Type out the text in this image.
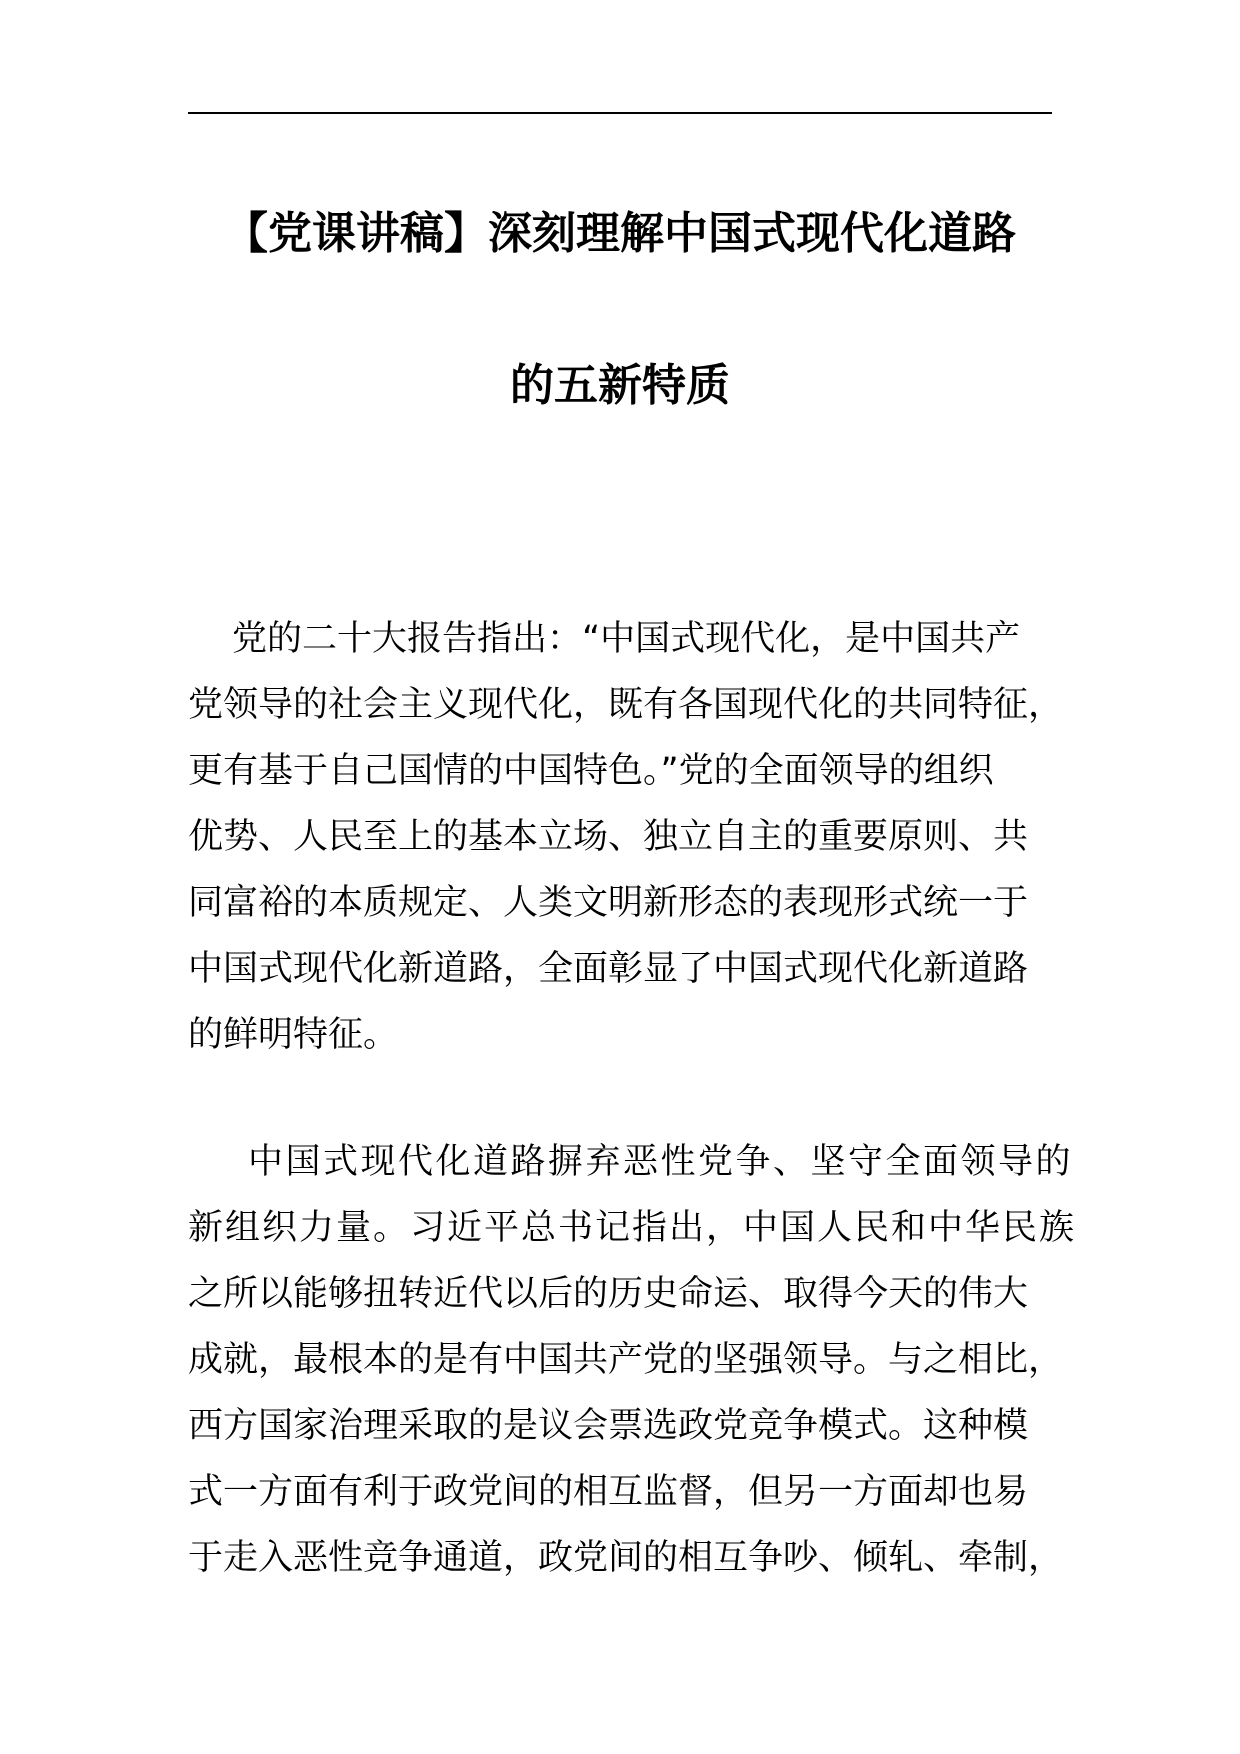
【党课讲稿】深刻理解中国式现代化道路
的五新特质
党的二十大报告指出：“中国式现代化，是中国共产
党领导的社会主义现代化，既有各国现代化的共同特征，
更有基于自己国情的中国特色。”党的全面领导的组织
优势、人民至上的基本立场、独立自主的重要原则、共
同富裕的本质规定、人类文明新形态的表现形式统一于
中国式现代化新道路，全面彰显了中国式现代化新道路
的鲜明特征。
中国式现代化道路摒弃恶性党争、坚守全面领导的
新组织力量。习近平总书记指出，中国人民和中华民族
之所以能够扭转近代以后的历史命运、取得今天的伟大
成就，最根本的是有中国共产党的坚强领导。与之相比，
西方国家治理采取的是议会票选政党竞争模式。这种模
式一方面有利于政党间的相互监督，但另一方面却也易
于走入恶性竞争通道，政党间的相互争吵、倾轧、牵制，
